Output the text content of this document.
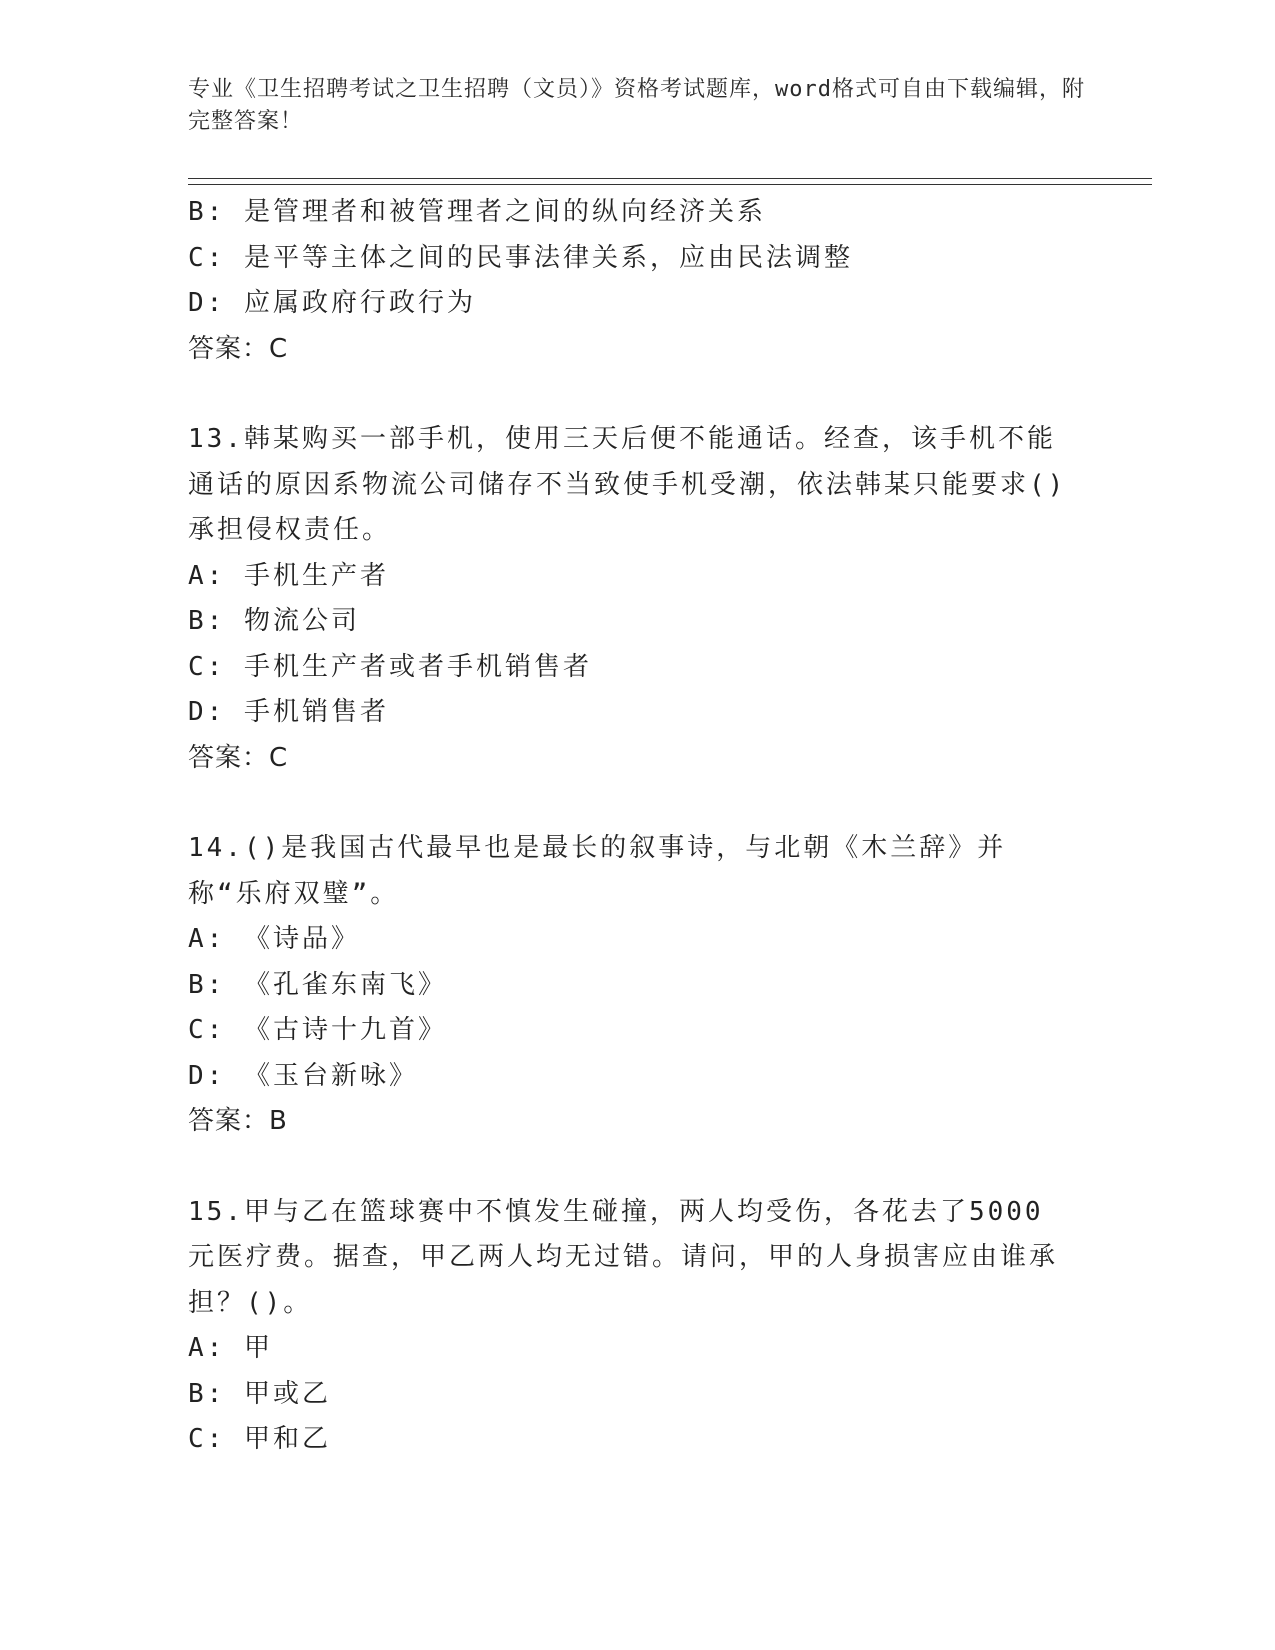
专业《卫生招聘考试之卫生招聘（文员）》资格考试题库，word格式可自由下载编辑，附完整答案！

B: 是管理者和被管理者之间的纵向经济关系

C: 是平等主体之间的民事法律关系，应由民法调整

D: 应属政府行政行为

答案：C

13.韩某购买一部手机，使用三天后便不能通话。经查，该手机不能通话的原因系物流公司储存不当致使手机受潮，依法韩某只能要求()承担侵权责任。

A: 手机生产者

B: 物流公司

C: 手机生产者或者手机销售者

D: 手机销售者

答案：C

14.()是我国古代最早也是最长的叙事诗，与北朝《木兰辞》并称“乐府双璧”。

A: 《诗品》

B: 《孔雀东南飞》

C: 《古诗十九首》

D: 《玉台新咏》

答案：B

15.甲与乙在篮球赛中不慎发生碰撞，两人均受伤，各花去了5000元医疗费。据查，甲乙两人均无过错。请问，甲的人身损害应由谁承担？()。

A: 甲

B: 甲或乙

C: 甲和乙
